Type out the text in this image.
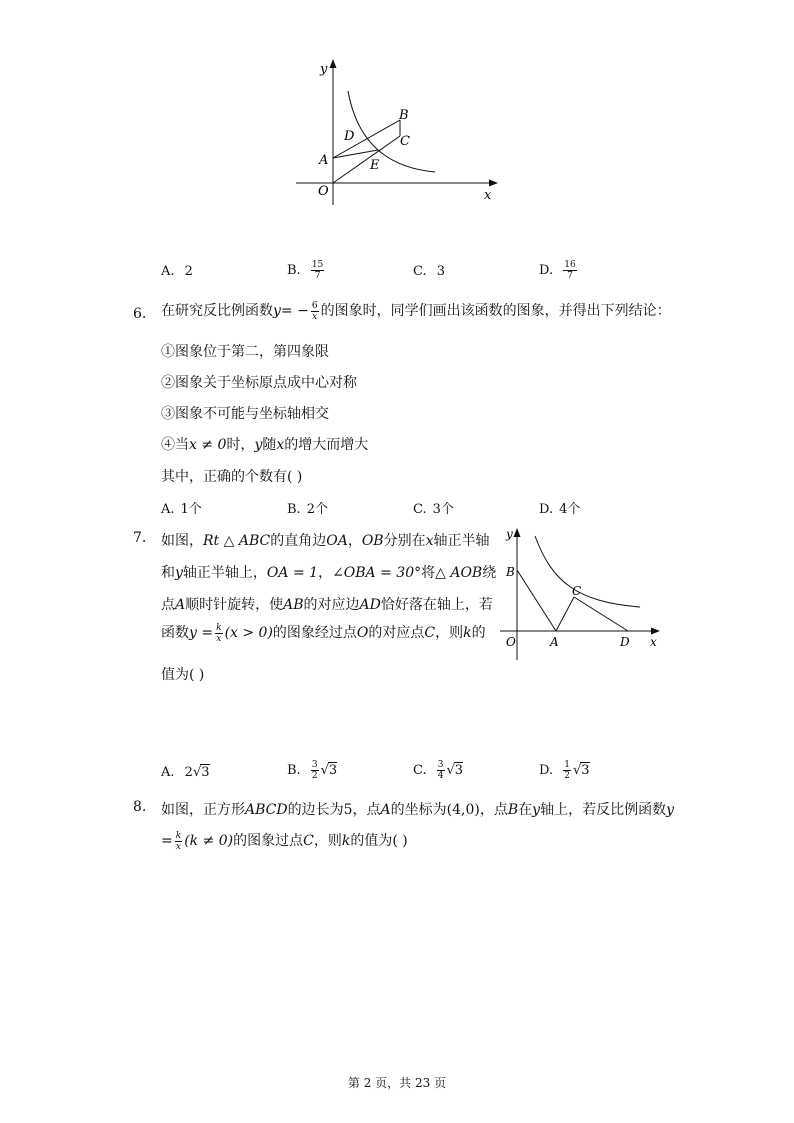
y
x
O
A
B
C
D
E
A. 2	B. $\frac{15}{7}$	C. 3	D. $\frac{16}{7}$
6. 在研究反比例函数$y= - \frac{6}{x}$ 的图象时，同学们画出该函数的图象，并得出下列结论：
①图象位于第二，第四象限
②图象关于坐标原点成中心对称
③图象不可能与坐标轴相交
④当x ≠ 0时，y随x的增大而增大
其中，正确的个数有( )
A. 1个	B. 2个	C. 3个	D. 4个
7. 如图，Rt △ ABC的直角边OA，OB分别在x轴正半轴
和y轴正半轴上，OA = 1，∠OBA = 30°将△ AOB绕
点A顺时针旋转，使AB的对应边AD恰好落在轴上，若
函数$y = \frac{k}{x} (x > 0)$的图象经过点O的对应点C，则k的
值为( )
y
x
O	A
B
C
D
A. 2√3	B. $\frac{3}{2} √3$	C. $\frac{3}{4} √3$	D. $\frac{1}{2} √3$
8. 如图，正方形ABCD的边长为5，点A的坐标为(4,0)，点B在y轴上，若反比例函数y
= $\frac{k}{x} (k \ne 0)$的图象过点C，则k的值为( )
第 2 页，共 23 页
